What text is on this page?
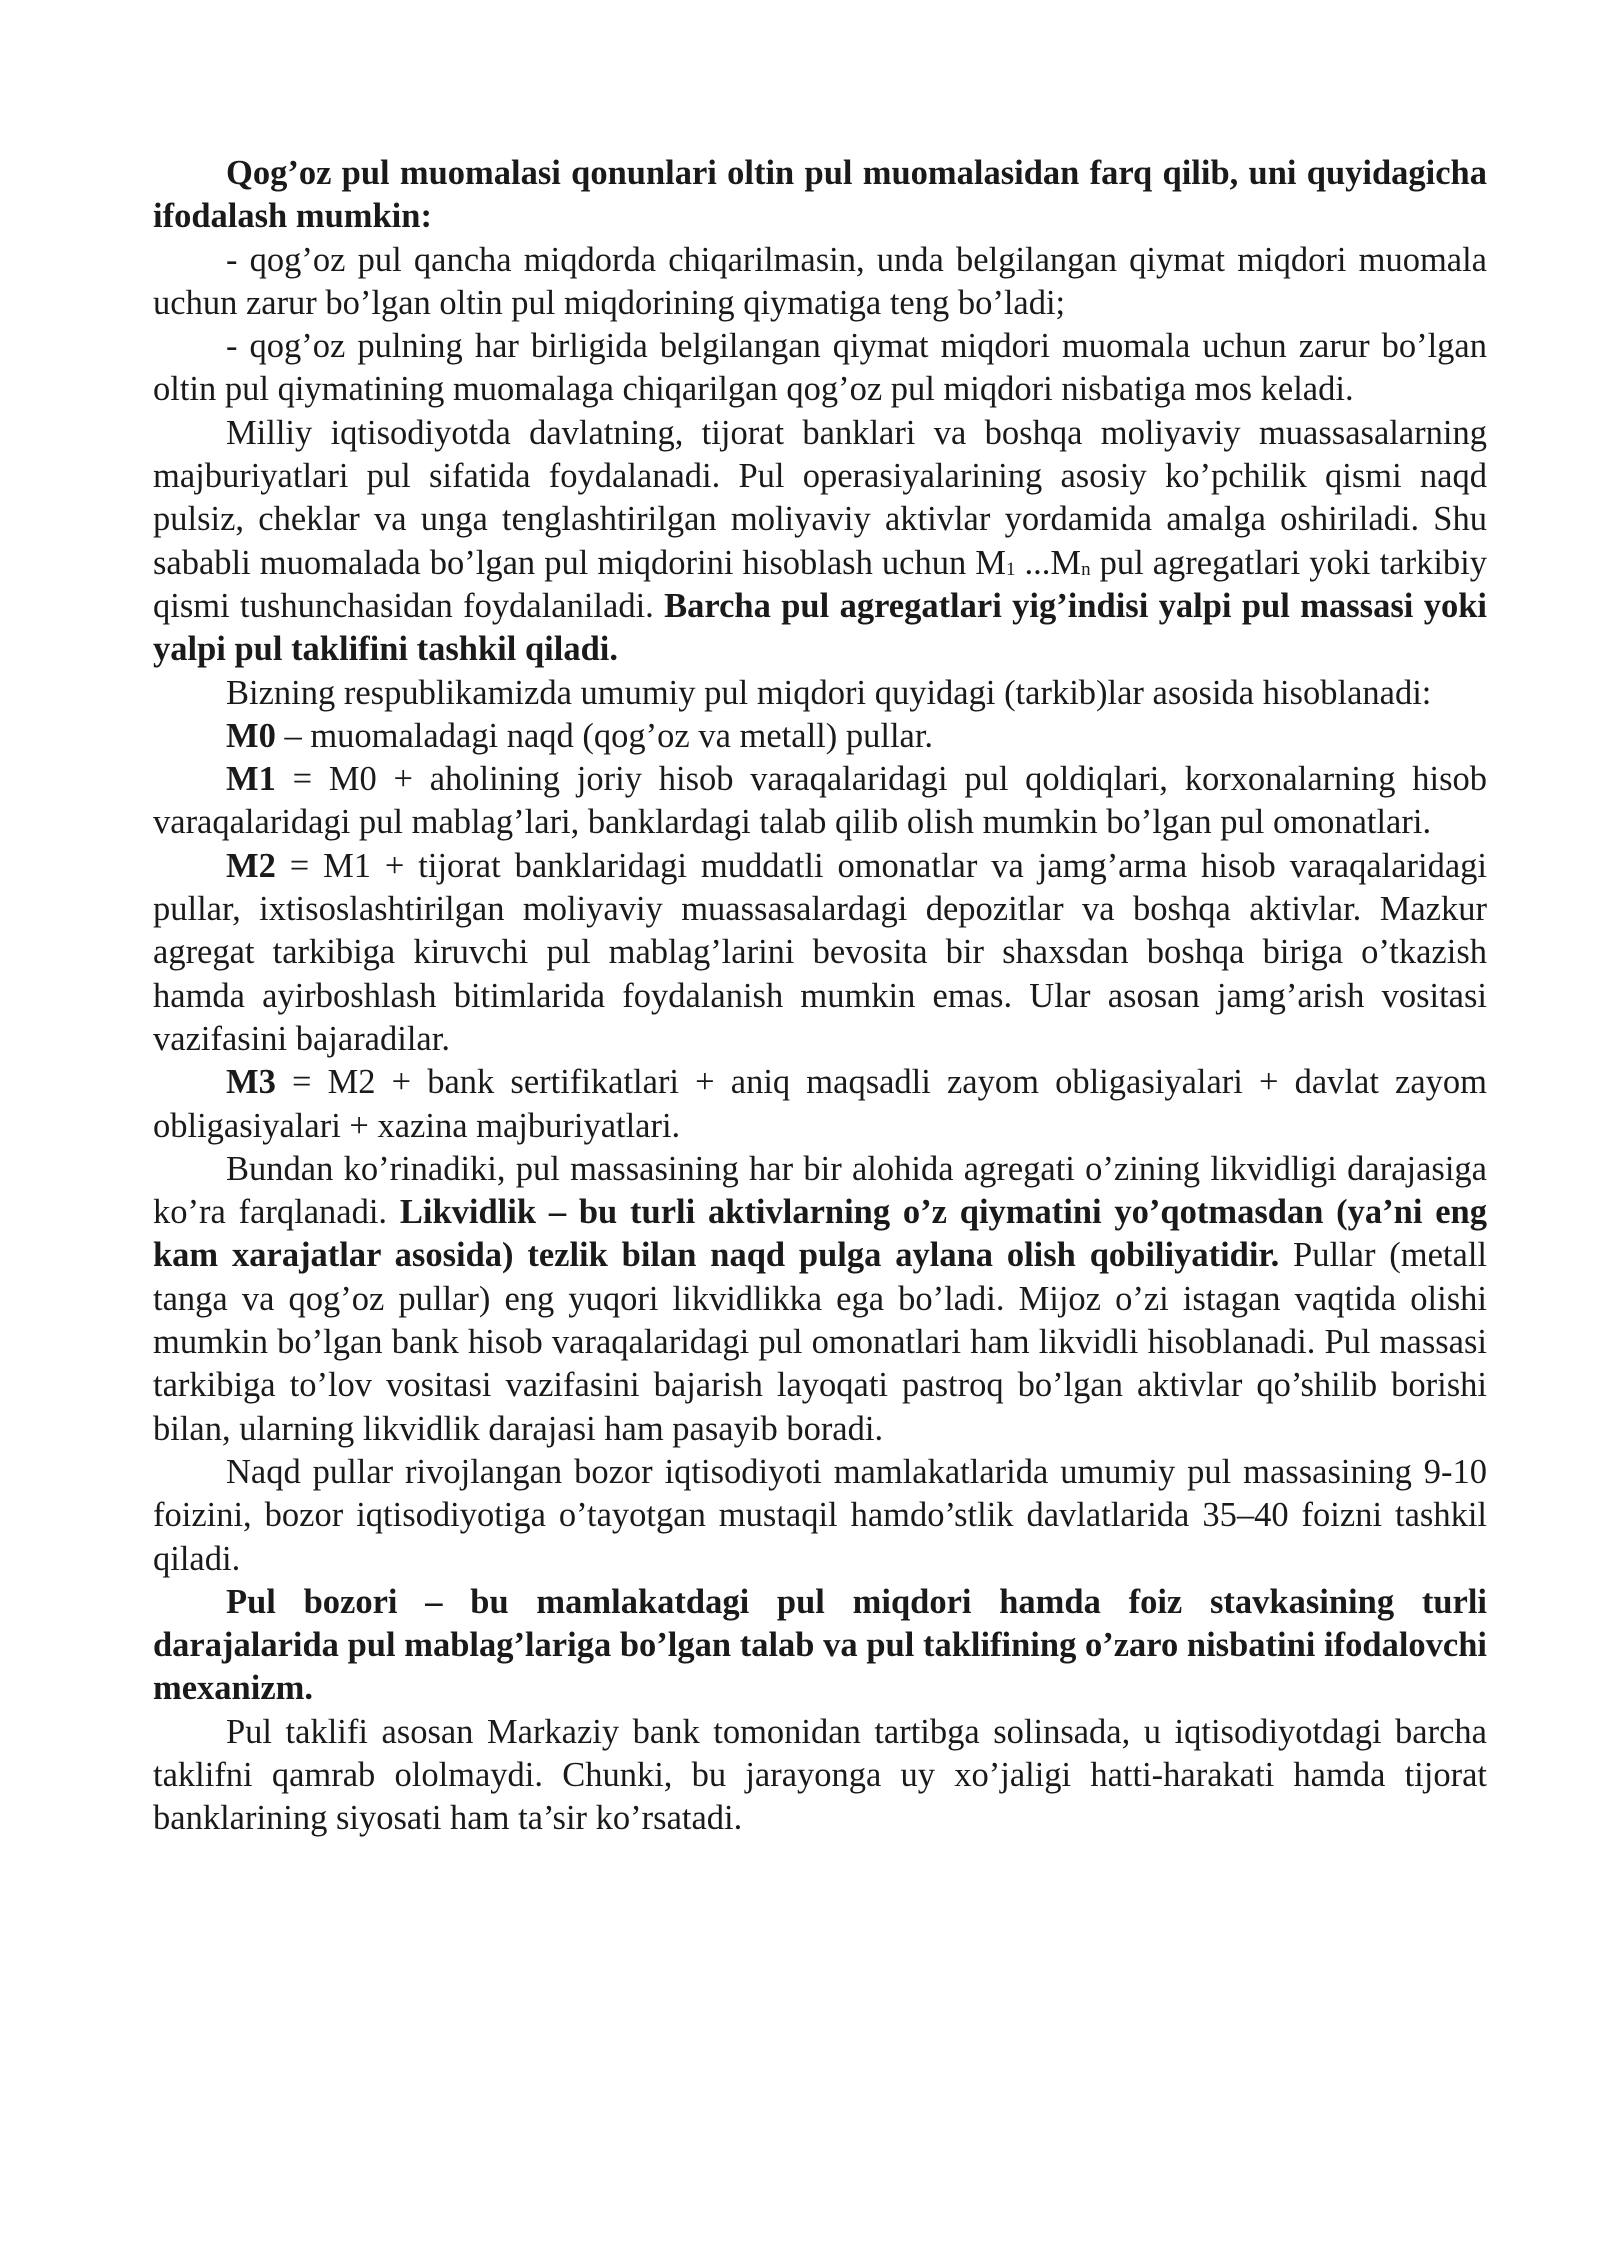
Qog’oz pul muomalasi qonunlari oltin pul muomalasidan farq qilib, uni quyidagicha ifodalash mumkin:

- qog’oz pul qancha miqdorda chiqarilmasin, unda belgilangan qiymat miqdori muomala uchun zarur bo’lgan oltin pul miqdorining qiymatiga teng bo’ladi;

- qog’oz pulning har birligida belgilangan qiymat miqdori muomala uchun zarur bo’lgan oltin pul qiymatining muomalaga chiqarilgan qog’oz pul miqdori nisbatiga mos keladi.

Milliy iqtisodiyotda davlatning, tijorat banklari va boshqa moliyaviy muassasalarning majburiyatlari pul sifatida foydalanadi. Pul operasiyalarining asosiy ko’pchilik qismi naqd pulsiz, cheklar va unga tenglashtirilgan moliyaviy aktivlar yordamida amalga oshiriladi. Shu sababli muomalada bo’lgan pul miqdorini hisoblash uchun $M_1$ $...M_n$ pul agregatlari yoki tarkibiy qismi tushunchasidan foydalaniladi. Barcha pul agregatlari yig’indisi yalpi pul massasi yoki yalpi pul taklifini tashkil qiladi.

Bizning respublikamizda umumiy pul miqdori quyidagi (tarkib)lar asosida hisoblanadi:

M0 – muomaladagi naqd (qog’oz va metall) pullar.

M1 = M0 + aholining joriy hisob varaqalaridagi pul qoldiqlari, korxonalarning hisob varaqalaridagi pul mablag’lari, banklardagi talab qilib olish mumkin bo’lgan pul omonatlari.

M2 = M1 + tijorat banklaridagi muddatli omonatlar va jamg’arma hisob varaqalaridagi pullar, ixtisoslashtirilgan moliyaviy muassasalardagi depozitlar va boshqa aktivlar. Mazkur agregat tarkibiga kiruvchi pul mablag’larini bevosita bir shaxsdan boshqa biriga o’tkazish hamda ayirboshlash bitimlarida foydalanish mumkin emas. Ular asosan jamg’arish vositasi vazifasini bajaradilar.

M3 = M2 + bank sertifikatlari + aniq maqsadli zayom obligasiyalari + davlat zayom obligasiyalari + xazina majburiyatlari.

Bundan ko’rinadiki, pul massasining har bir alohida agregati o’zining likvidligi darajasiga ko’ra farqlanadi. Likvidlik – bu turli aktivlarning o’z qiymatini yo’qotmasdan (ya’ni eng kam xarajatlar asosida) tezlik bilan naqd pulga aylana olish qobiliyatidir. Pullar (metall tanga va qog’oz pullar) eng yuqori likvidlikka ega bo’ladi. Mijoz o’zi istagan vaqtida olishi mumkin bo’lgan bank hisob varaqalaridagi pul omonatlari ham likvidli hisoblanadi. Pul massasi tarkibiga to’lov vositasi vazifasini bajarish layoqati pastroq bo’lgan aktivlar qo’shilib borishi bilan, ularning likvidlik darajasi ham pasayib boradi.

Naqd pullar rivojlangan bozor iqtisodiyoti mamlakatlarida umumiy pul massasining 9-10 foizini, bozor iqtisodiyotiga o’tayotgan mustaqil hamdo’stlik davlatlarida 35–40 foizni tashkil qiladi.

Pul bozori – bu mamlakatdagi pul miqdori hamda foiz stavkasining turli darajalarida pul mablag’lariga bo’lgan talab va pul taklifining o’zaro nisbatini ifodalovchi mexanizm.

Pul taklifi asosan Markaziy bank tomonidan tartibga solinsada, u iqtisodiyotdagi barcha taklifni qamrab ololmaydi. Chunki, bu jarayonga uy xo’jaligi hatti-harakati hamda tijorat banklarining siyosati ham ta’sir ko’rsatadi.
